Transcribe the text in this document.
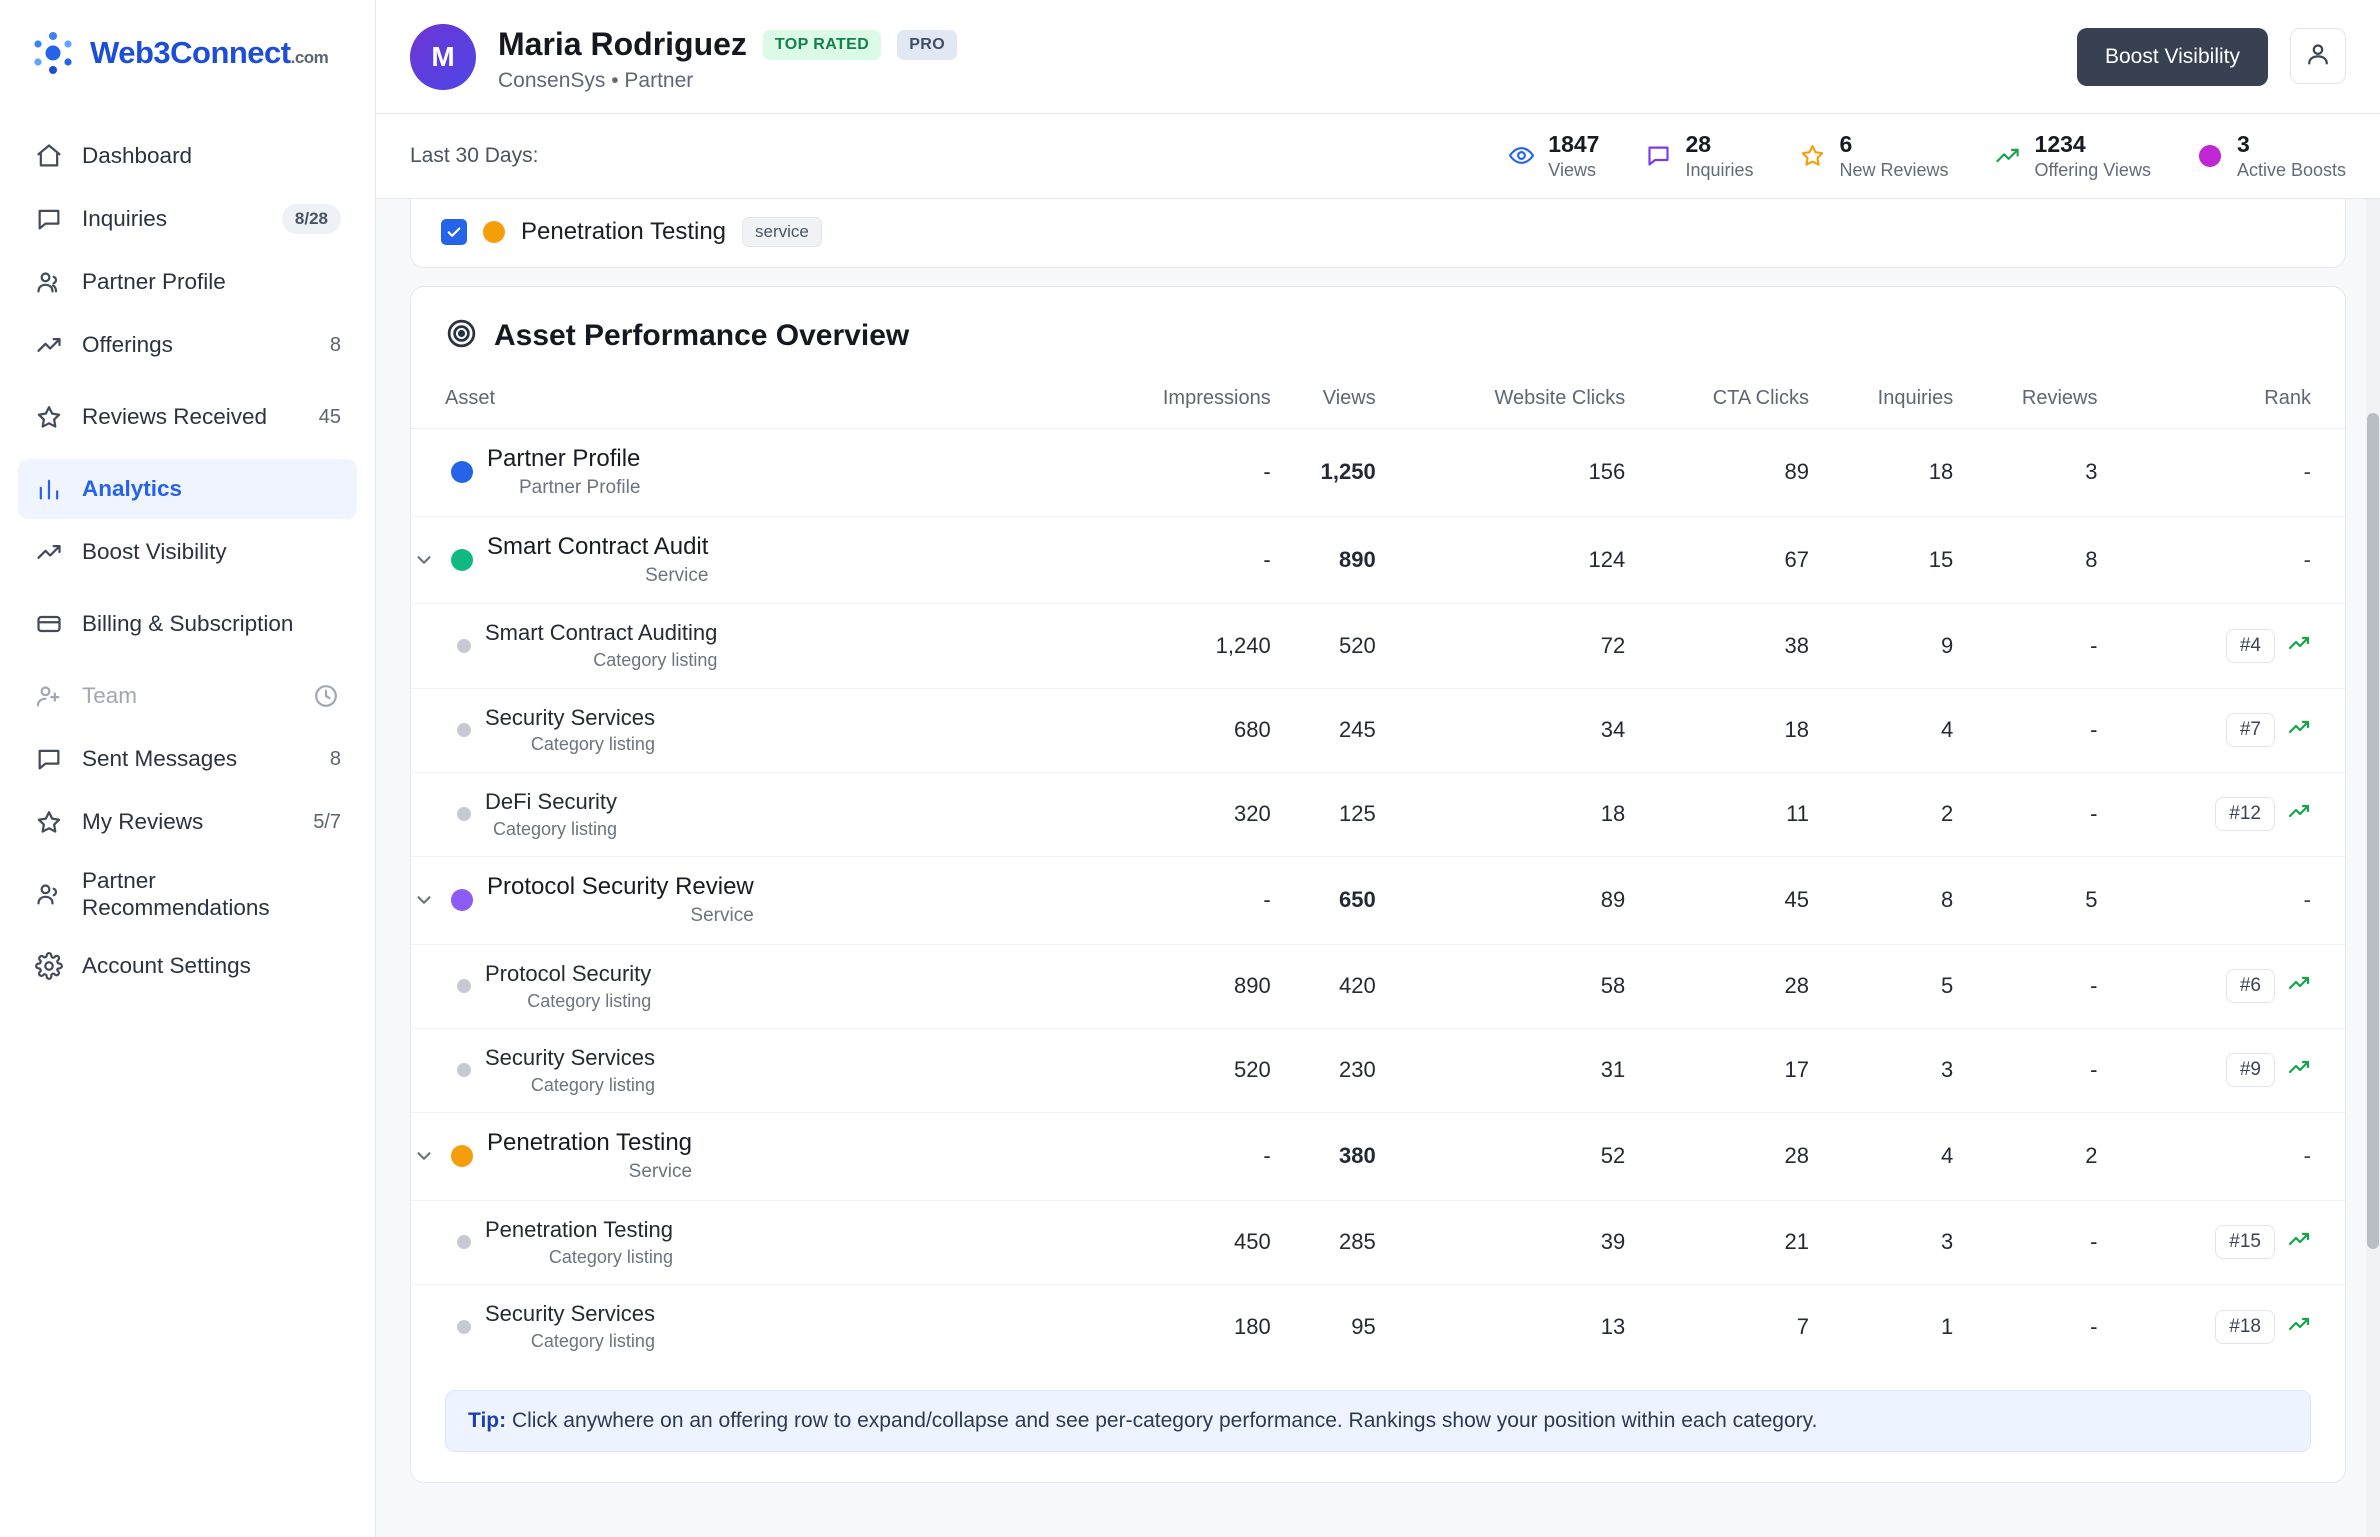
Web3Connect.com
Dashboard
Inquiries	8/28
Partner Profile
Offerings	8
Reviews Received	45
Analytics
Boost Visibility
Billing & Subscription
Team
Sent Messages	8
My Reviews	5/7
Partner Recommendations
Account Settings
M	Maria Rodriguez	TOP RATED	PRO
ConsenSys • Partner
Boost Visibility
Last 30 Days:	1847
Views
28
Inquiries
6
New Reviews
1234
Offering Views
3
Active Boosts
Penetration Testing	service
Asset Performance Overview
Asset	Impressions	Views	Website Clicks	CTA Clicks	Inquiries	Reviews	Rank

Partner Profile
Partner Profile	-	1,250	156	89	18	3	-

Smart Contract Audit
Service	-	890	124	67	15	8	-

Smart Contract Auditing
Category listing	1,240	520	72	38	9	-	#4

Security Services
Category listing	680	245	34	18	4	-	#7

DeFi Security
Category listing	320	125	18	11	2	-	#12

Protocol Security Review
Service	-	650	89	45	8	5	-

Protocol Security
Category listing	890	420	58	28	5	-	#6

Security Services
Category listing	520	230	31	17	3	-	#9

Penetration Testing
Service	-	380	52	28	4	2	-

Penetration Testing
Category listing	450	285	39	21	3	-	#15

Security Services
Category listing	180	95	13	7	1	-	#18
Tip: Click anywhere on an offering row to expand/collapse and see per-category performance. Rankings show your position within each category.
